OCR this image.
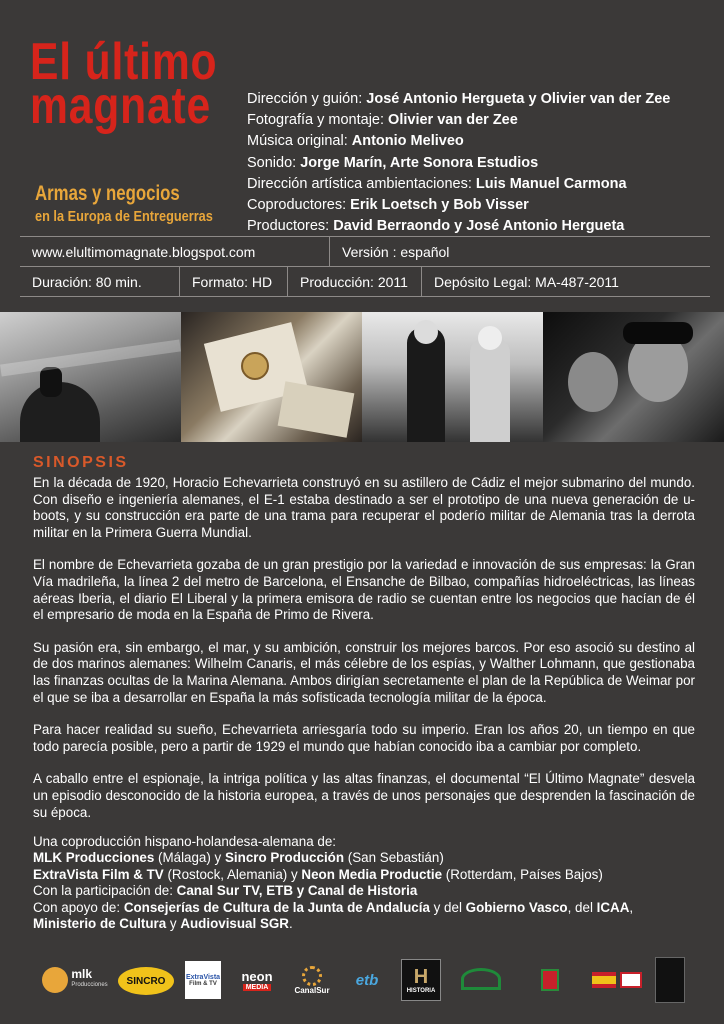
El último
magnate
Armas y negocios
en la Europa de Entreguerras
Dirección y guión: José Antonio Hergueta y Olivier van der Zee
Fotografía y montaje: Olivier van der Zee
Música original: Antonio Meliveo
Sonido: Jorge Marín, Arte Sonora Estudios
Dirección artística ambientaciones: Luis Manuel Carmona
Coproductores: Erik Loetsch y Bob Visser
Productores: David Berraondo y José Antonio Hergueta
www.elultimomagnate.blogspot.com	Versión : español
Duración: 80 min.	Formato: HD	Producción: 2011	Depósito Legal: MA-487-2011
SINOPSIS

En la década de 1920, Horacio Echevarrieta construyó en su astillero de Cádiz el mejor submarino del mundo. Con diseño e ingeniería alemanes, el E-1 estaba destinado a ser el prototipo de una nueva generación de u-boots, y su construcción era parte de una trama para recuperar el poderío militar de Alemania tras la derrota militar en la Primera Guerra Mundial.

El nombre de Echevarrieta gozaba de un gran prestigio por la variedad e innovación de sus empresas: la Gran Vía madrileña, la línea 2 del metro de Barcelona, el Ensanche de Bilbao, compañías hidroeléctricas, las líneas aéreas Iberia, el diario El Liberal y la primera emisora de radio se cuentan entre los negocios que hacían de él el empresario de moda en la España de Primo de Rivera.

Su pasión era, sin embargo, el mar, y su ambición, construir los mejores barcos. Por eso asoció su destino al de dos marinos alemanes: Wilhelm Canaris, el más célebre de los espías, y Walther Lohmann, que gestionaba las finanzas ocultas de la Marina Alemana. Ambos dirigían secretamente el plan de la República de Weimar por el que se iba a desarrollar en España la más sofisticada tecnología militar de la época.

Para hacer realidad su sueño, Echevarrieta arriesgaría todo su imperio. Eran los años 20, un tiempo en que todo parecía posible, pero a partir de 1929 el mundo que habían conocido iba a cambiar por completo.

A caballo entre el espionaje, la intriga política y las altas finanzas, el documental “El Último Magnate” desvela un episodio desconocido de la historia europea, a través de unos personajes que desprenden la fascinación de su época.

Una coproducción hispano-holandesa-alemana de:
MLK Producciones (Málaga) y Sincro Producción (San Sebastián)
ExtraVista Film & TV (Rostock, Alemania) y Neon Media Productie (Rotterdam, Países Bajos)
Con la participación de: Canal Sur TV, ETB y Canal de Historia
Con apoyo de: Consejerías de Cultura de la Junta de Andalucía y del Gobierno Vasco, del ICAA,
Ministerio de Cultura y Audiovisual SGR.
mlk
Producciones	SINCRO	ExtraVista
Film & TV neon
MEDIA	CanalSur
etb	H
HISTORIA
